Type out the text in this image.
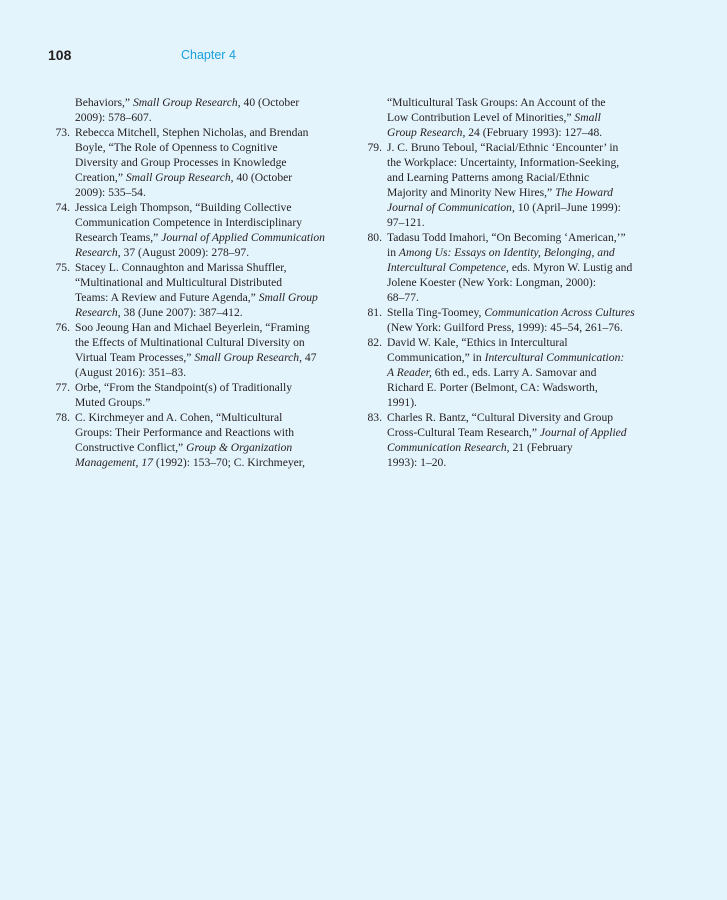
108	Chapter 4
Behaviors,” Small Group Research, 40 (October
2009): 578–607.
73. Rebecca Mitchell, Stephen Nicholas, and Brendan
Boyle, “The Role of Openness to Cognitive
Diversity and Group Processes in Knowledge
Creation,” Small Group Research, 40 (October
2009): 535–54.
74. Jessica Leigh Thompson, “Building Collective
Communication Competence in Interdisciplinary
Research Teams,” Journal of Applied Communication
Research, 37 (August 2009): 278–97.
75. Stacey L. Connaughton and Marissa Shuffler,
“Multinational and Multicultural Distributed
Teams: A Review and Future Agenda,” Small Group
Research, 38 (June 2007): 387–412.
76. Soo Jeoung Han and Michael Beyerlein, “Framing
the Effects of Multinational Cultural Diversity on
Virtual Team Processes,” Small Group Research, 47
(August 2016): 351–83.
77. Orbe, “From the Standpoint(s) of Traditionally
Muted Groups.”
78. C. Kirchmeyer and A. Cohen, “Multicultural
Groups: Their Performance and Reactions with
Constructive Conflict,” Group & Organization
Management, 17 (1992): 153–70; C. Kirchmeyer,
“Multicultural Task Groups: An Account of the
Low Contribution Level of Minorities,” Small
Group Research, 24 (February 1993): 127–48.
79. J. C. Bruno Teboul, “Racial/Ethnic ‘Encounter’ in
the Workplace: Uncertainty, Information-Seeking,
and Learning Patterns among Racial/Ethnic
Majority and Minority New Hires,” The Howard
Journal of Communication, 10 (April–June 1999):
97–121.
80. Tadasu Todd Imahori, “On Becoming ‘American,’”
in Among Us: Essays on Identity, Belonging, and
Intercultural Competence, eds. Myron W. Lustig and
Jolene Koester (New York: Longman, 2000):
68–77.
81. Stella Ting-Toomey, Communication Across Cultures
(New York: Guilford Press, 1999): 45–54, 261–76.
82. David W. Kale, “Ethics in Intercultural
Communication,” in Intercultural Communication:
A Reader, 6th ed., eds. Larry A. Samovar and
Richard E. Porter (Belmont, CA: Wadsworth,
1991).
83. Charles R. Bantz, “Cultural Diversity and Group
Cross-Cultural Team Research,” Journal of Applied
Communication Research, 21 (February
1993): 1–20.
